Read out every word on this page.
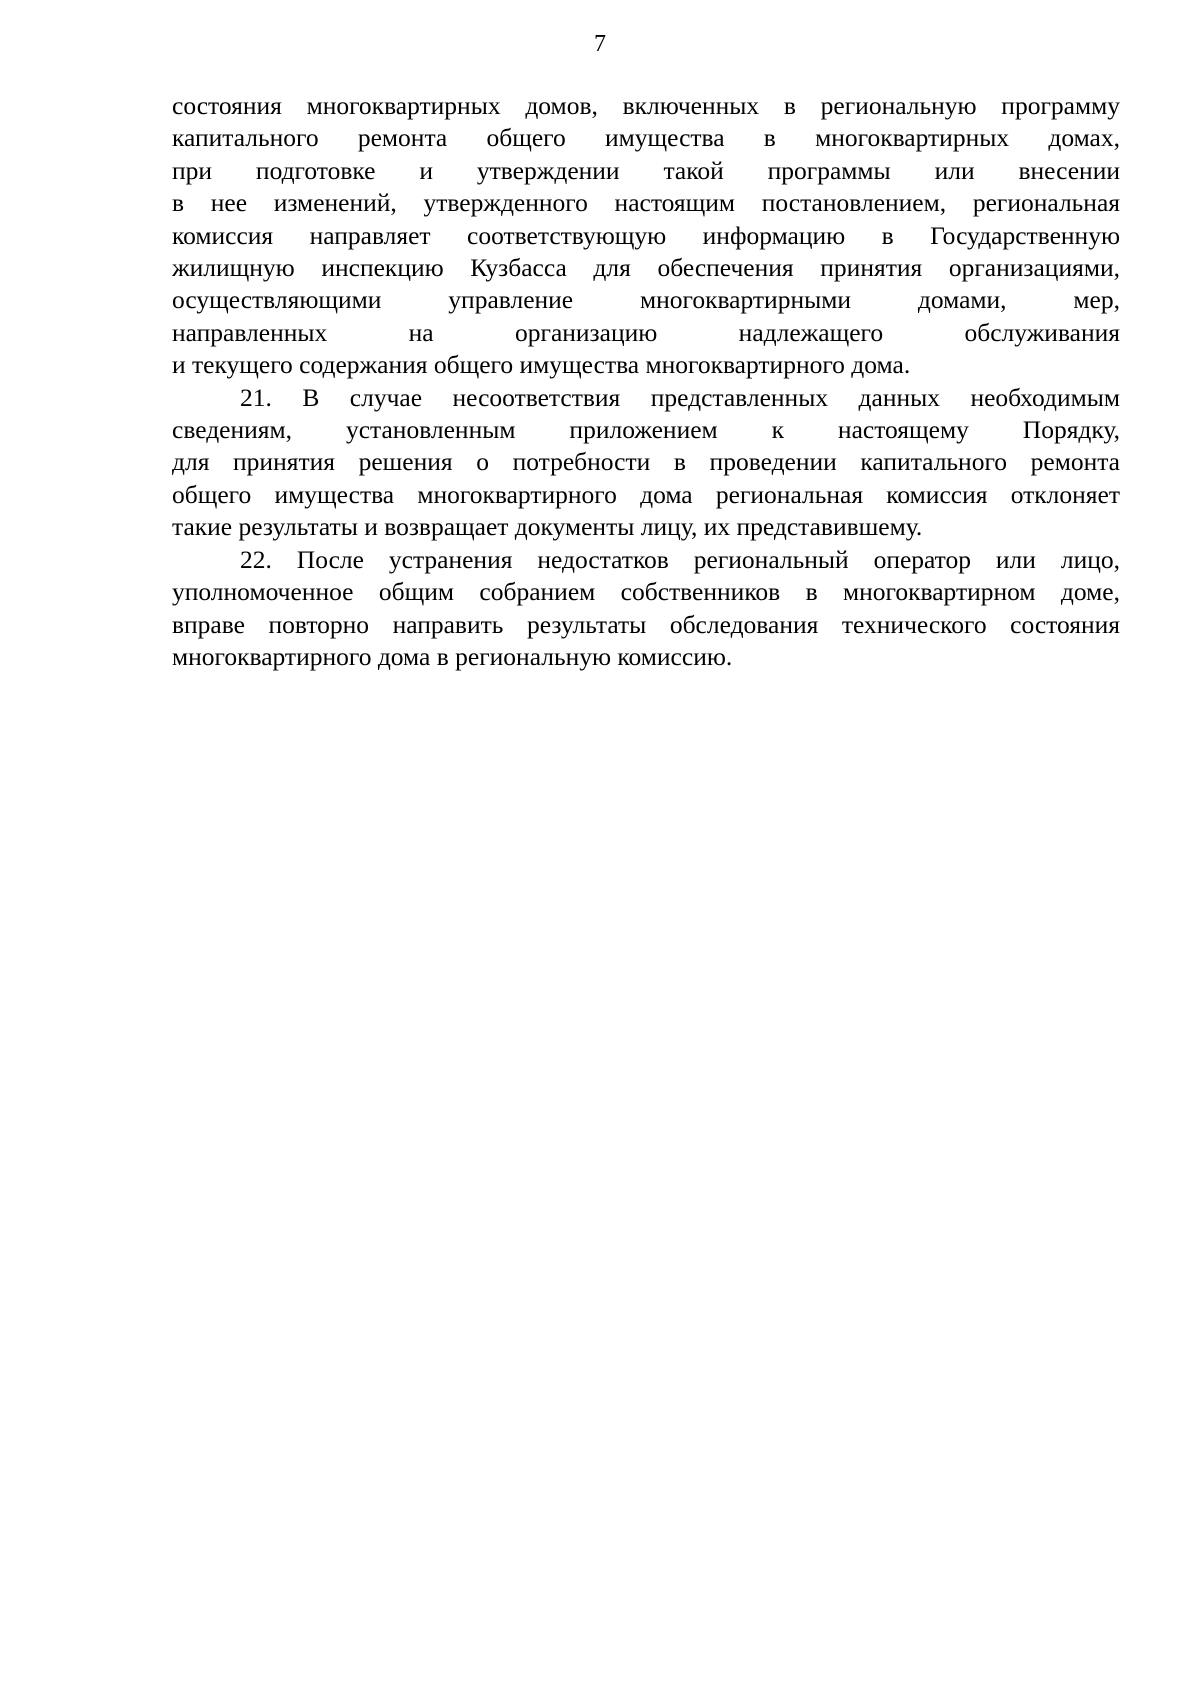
7

состояния многоквартирных домов, включенных в региональную программу
капитального ремонта общего имущества в многоквартирных домах,
при подготовке и утверждении такой программы или внесении
в нее изменений, утвержденного настоящим постановлением, региональная
комиссия направляет соответствующую информацию в Государственную
жилищную инспекцию Кузбасса для обеспечения принятия организациями,
осуществляющими управление многоквартирными домами, мер,
направленных на организацию надлежащего обслуживания
и текущего содержания общего имущества многоквартирного дома.

21. В случае несоответствия представленных данных необходимым
сведениям, установленным приложением к настоящему Порядку,
для принятия решения о потребности в проведении капитального ремонта
общего имущества многоквартирного дома региональная комиссия отклоняет
такие результаты и возвращает документы лицу, их представившему.

22. После устранения недостатков региональный оператор или лицо,
уполномоченное общим собранием собственников в многоквартирном доме,
вправе повторно направить результаты обследования технического состояния
многоквартирного дома в региональную комиссию.
